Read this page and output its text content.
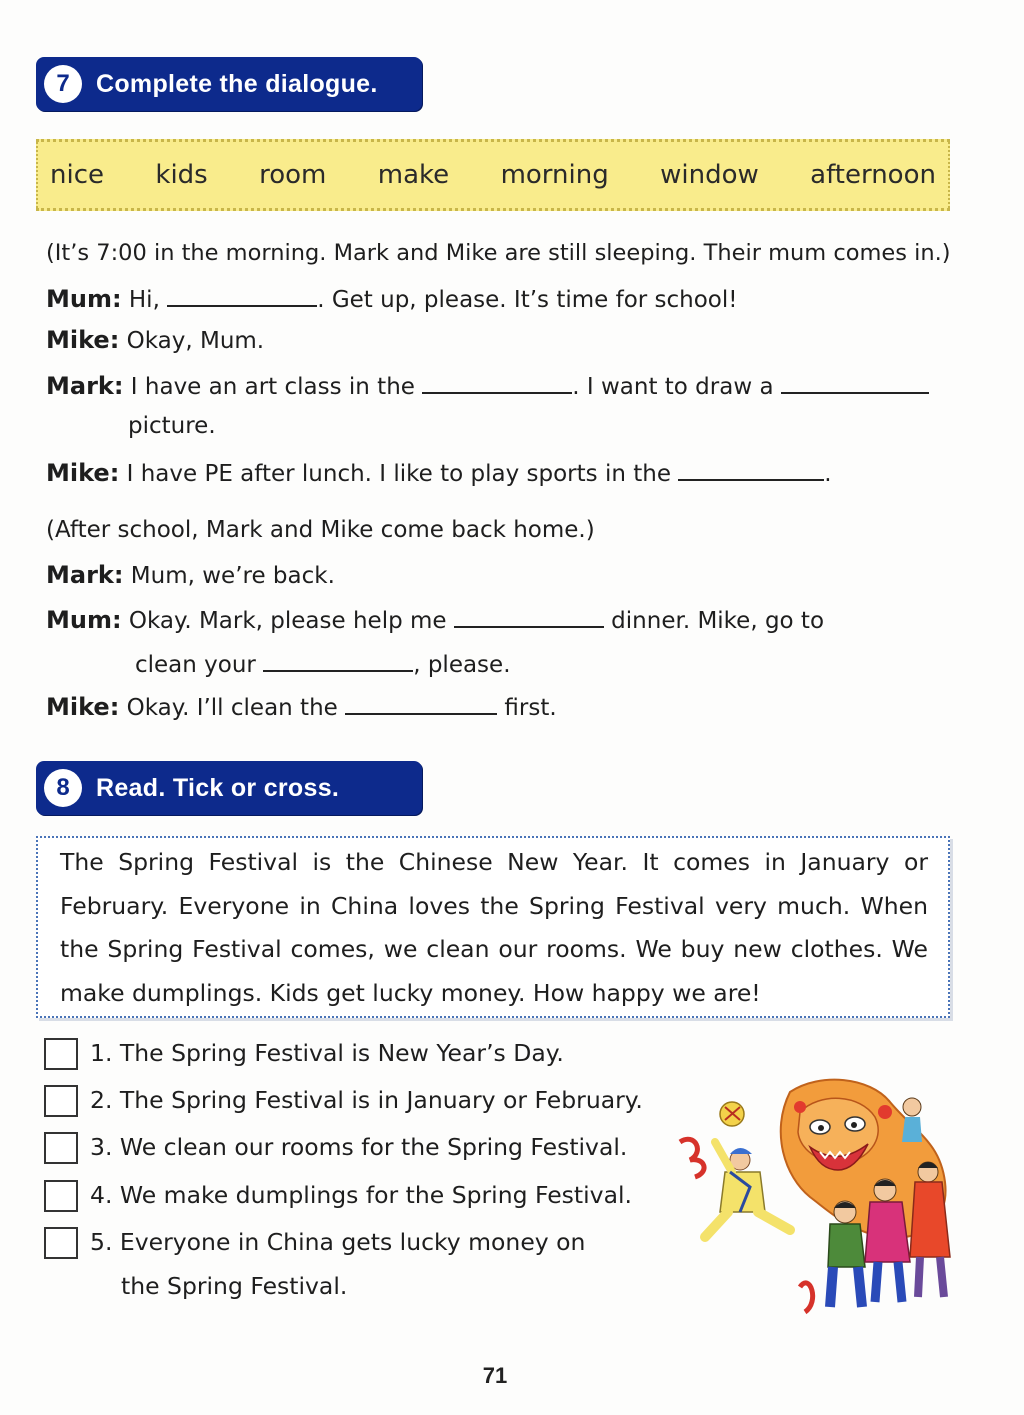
7	Complete the dialogue.
nice kids room make morning window afternoon
(It’s 7:00 in the morning. Mark and Mike are still sleeping. Their mum comes in.)
Mum: Hi,	. Get up, please. It’s time for school!
Mike: Okay, Mum.
Mark: I have an art class in the	. I want to draw a
picture.
Mike: I have PE after lunch. I like to play sports in the	.
(After school, Mark and Mike come back home.)
Mark: Mum, we’re back.
Mum: Okay. Mark, please help me	dinner. Mike, go to
clean your	, please.
Mike: Okay. I’ll clean the	first.
8	Read. Tick or cross.

The Spring Festival is the Chinese New Year. It comes in January or February. Everyone in China loves the Spring Festival very much. When the Spring Festival comes, we clean our rooms. We buy new clothes. We make dumplings. Kids get lucky money. How happy we are!

1. The Spring Festival is New Year’s Day.
2. The Spring Festival is in January or February.
3. We clean our rooms for the Spring Festival.
4. We make dumplings for the Spring Festival.
5. Everyone in China gets lucky money on
the Spring Festival.
71
